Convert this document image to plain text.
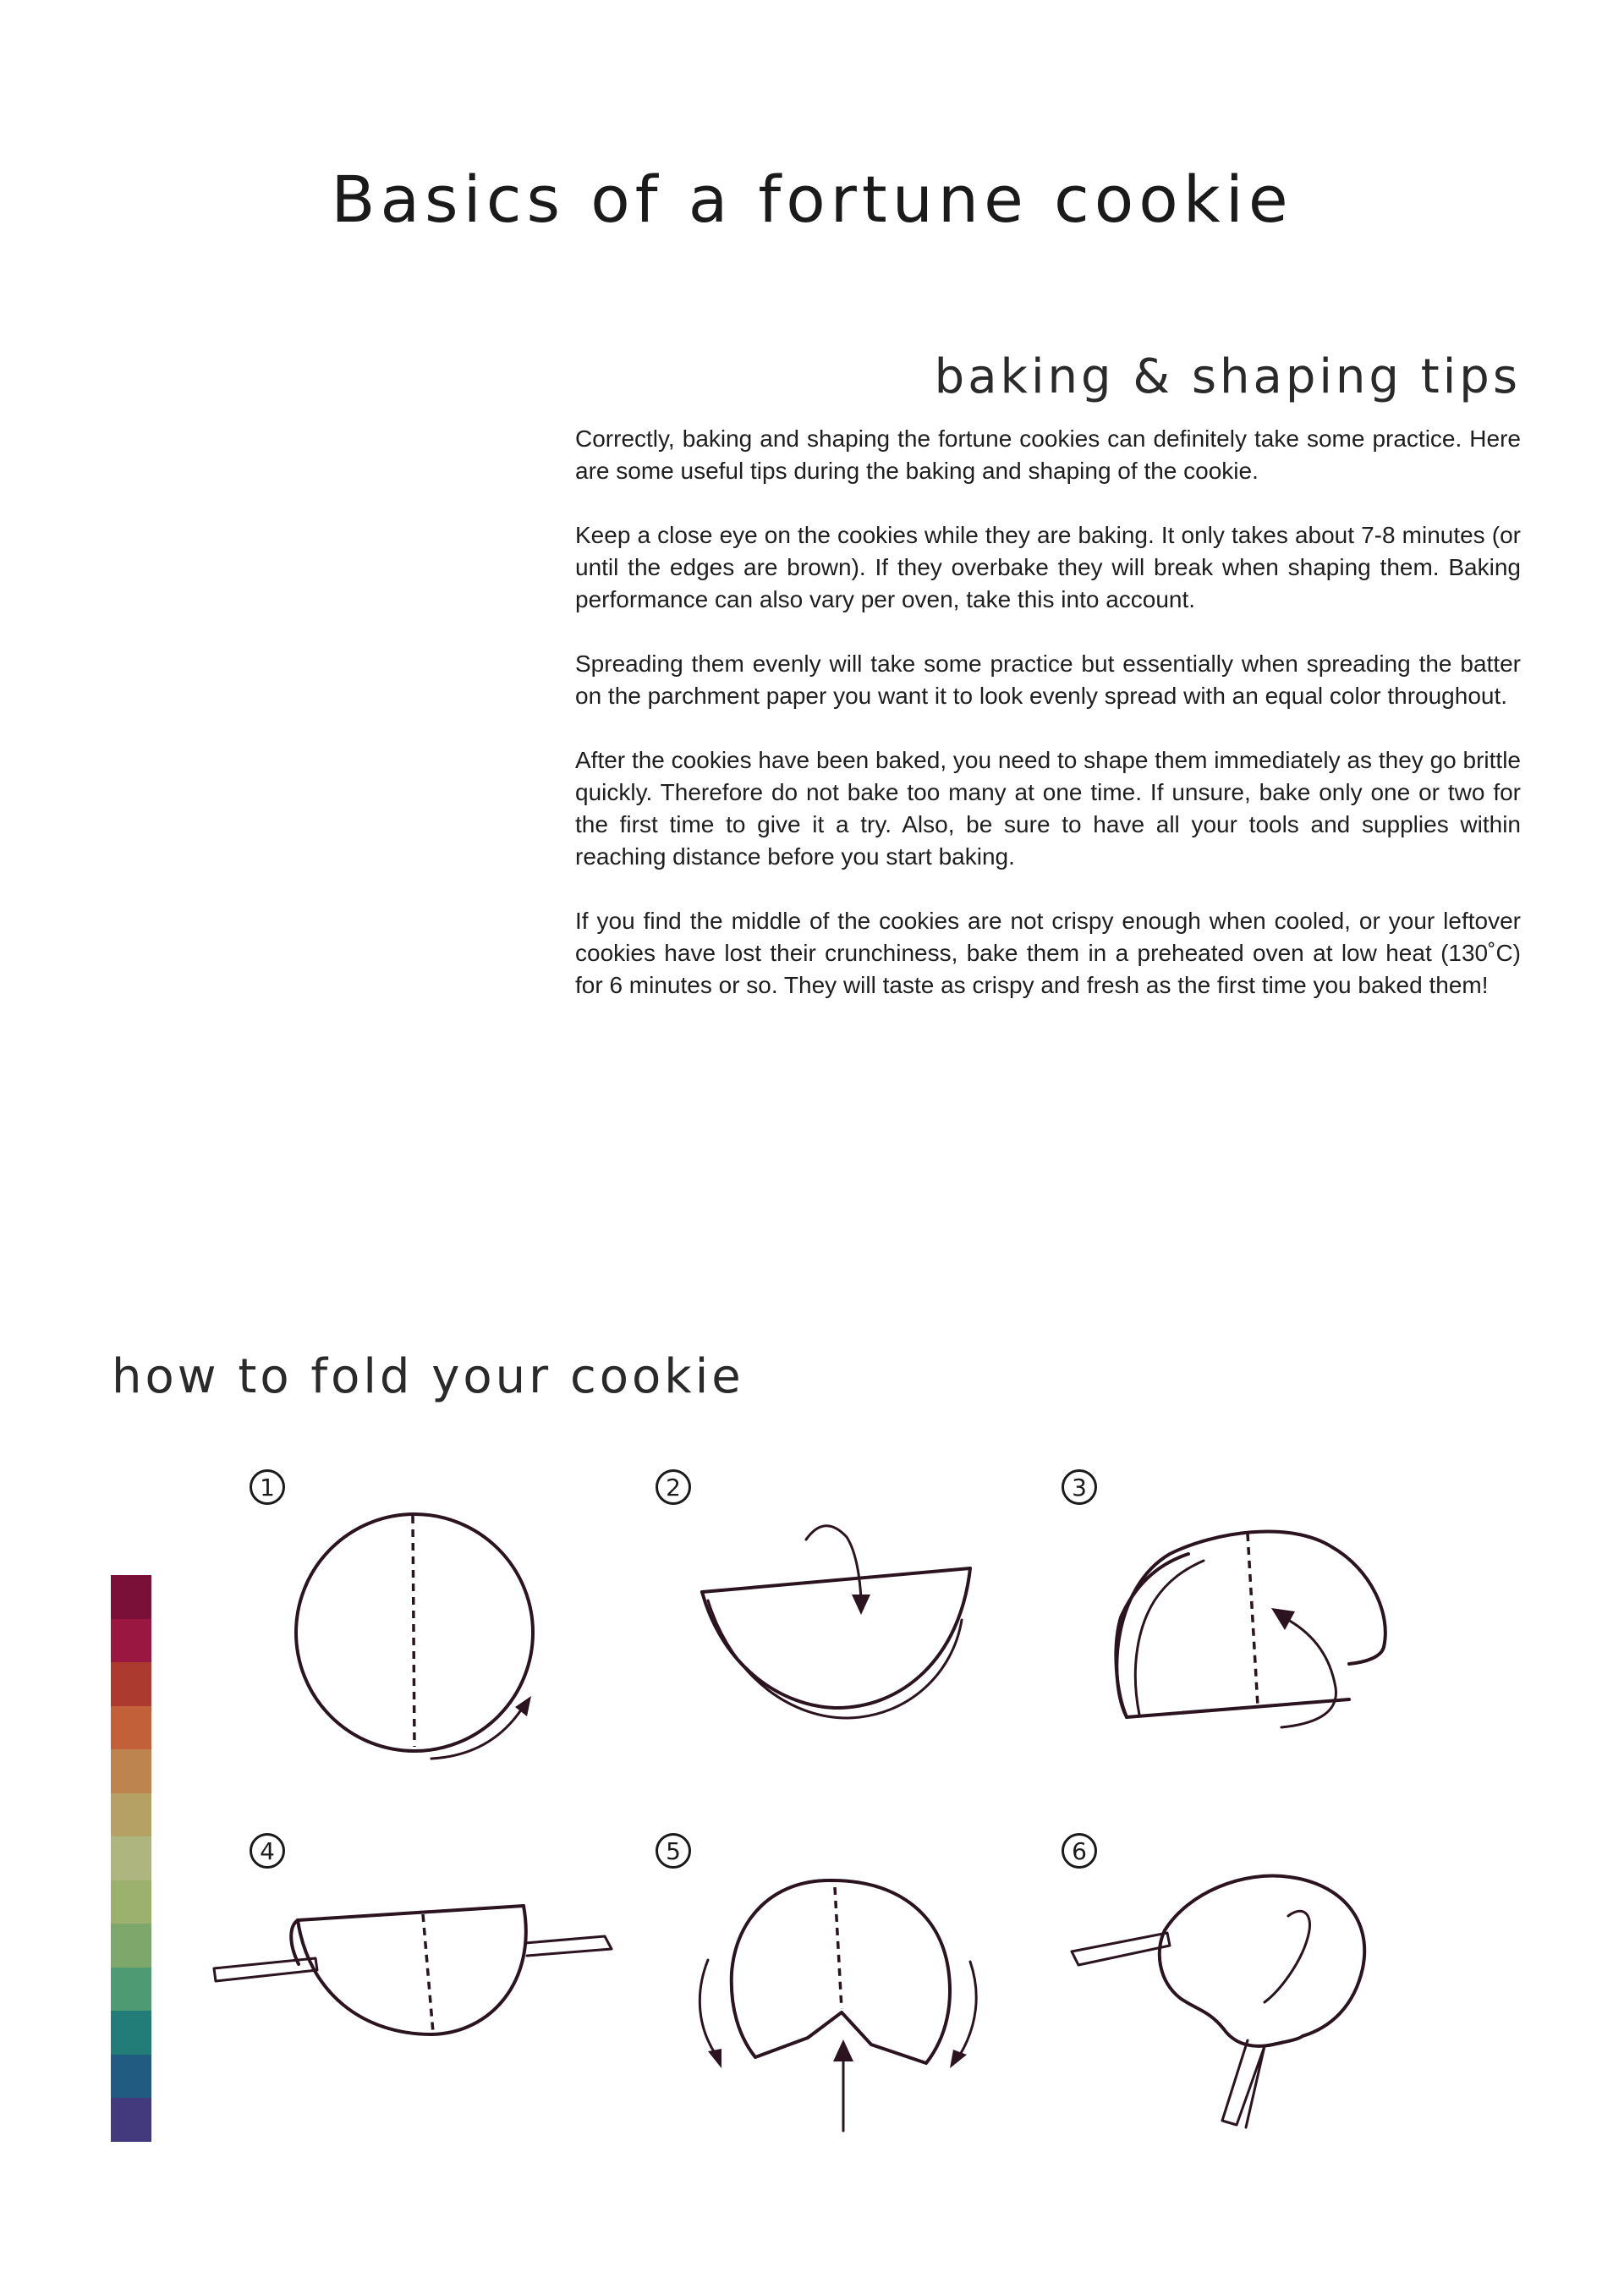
Basics of a fortune cookie
baking & shaping tips

Correctly, baking and shaping the fortune cookies can definitely take some practice. Here are some useful tips during the baking and shaping of the cookie.

Keep a close eye on the cookies while they are baking. It only takes about 7-8 minutes (or until the edges are brown). If they overbake they will break when shaping them. Baking performance can also vary per oven, take this into account.

Spreading them evenly will take some practice but essentially when spreading the batter on the parchment paper you want it to look evenly spread with an equal color throughout.

After the cookies have been baked, you need to shape them immediately as they go brittle quickly. Therefore do not bake too many at one time. If unsure, bake only one or two for the first time to give it a try. Also, be sure to have all your tools and supplies within reaching distance before you start baking.

If you find the middle of the cookies are not crispy enough when cooled, or your leftover cookies have lost their crunchiness, bake them in a preheated oven at low heat (130˚C) for 6 minutes or so. They will taste as crispy and fresh as the first time you baked them!

how to fold your cookie
1	2	3
4	5	6
